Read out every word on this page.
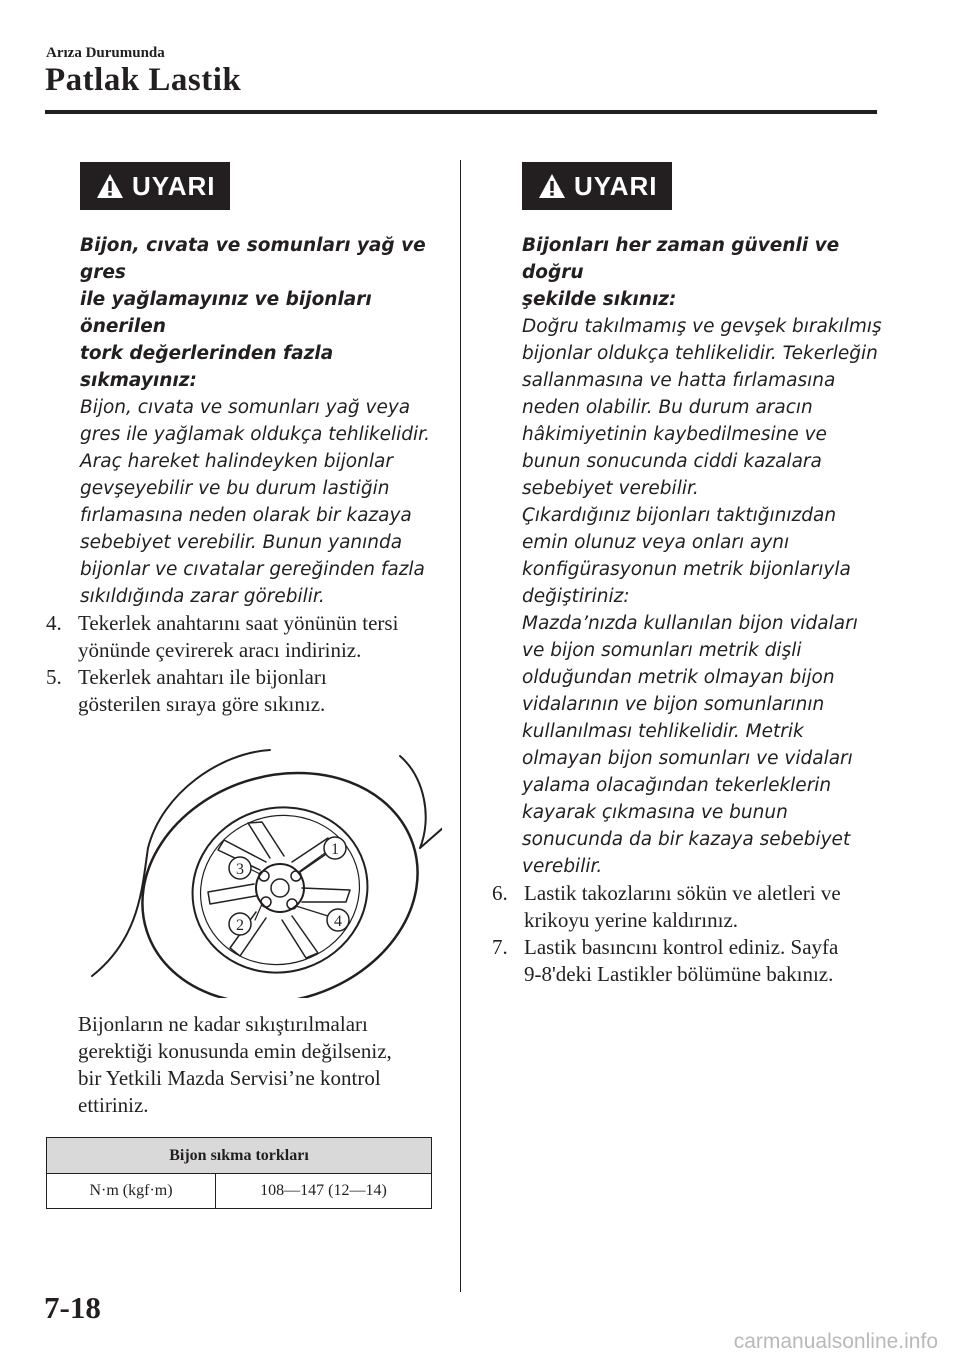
Arıza Durumunda
Patlak Lastik
UYARI

Bijon, cıvata ve somunları yağ ve gres

ile yağlamayınız ve bijonları önerilen

tork değerlerinden fazla sıkmayınız:

Bijon, cıvata ve somunları yağ veya

gres ile yağlamak oldukça tehlikelidir.

Araç hareket halindeyken bijonlar

gevşeyebilir ve bu durum lastiğin

fırlamasına neden olarak bir kazaya

sebebiyet verebilir. Bunun yanında

bijonlar ve cıvatalar gereğinden fazla

sıkıldığında zarar görebilir.

4. Tekerlek anahtarını saat yönünün tersi
yönünde çevirerek aracı indiriniz.
5. Tekerlek anahtarı ile bijonları
gösterilen sıraya göre sıkınız.
1
2
3
4
Bijonların ne kadar sıkıştırılmaları
gerektiği konusunda emin değilseniz,
bir Yetkili Mazda Servisi’ne kontrol
ettiriniz.
Bijon sıkma torkları
N·m (kgf·m)	108―147 (12―14)
UYARI

Bijonları her zaman güvenli ve doğru

şekilde sıkınız:

Doğru takılmamış ve gevşek bırakılmış

bijonlar oldukça tehlikelidir. Tekerleğin

sallanmasına ve hatta fırlamasına

neden olabilir. Bu durum aracın

hâkimiyetinin kaybedilmesine ve

bunun sonucunda ciddi kazalara

sebebiyet verebilir.

Çıkardığınız bijonları taktığınızdan

emin olunuz veya onları aynı

konfigürasyonun metrik bijonlarıyla

değiştiriniz:

Mazda’nızda kullanılan bijon vidaları

ve bijon somunları metrik dişli

olduğundan metrik olmayan bijon

vidalarının ve bijon somunlarının

kullanılması tehlikelidir. Metrik

olmayan bijon somunları ve vidaları

yalama olacağından tekerleklerin

kayarak çıkmasına ve bunun

sonucunda da bir kazaya sebebiyet

verebilir.

6. Lastik takozlarını sökün ve aletleri ve
krikoyu yerine kaldırınız.
7. Lastik basıncını kontrol ediniz. Sayfa
9-8'deki Lastikler bölümüne bakınız.
7-18
carmanualsonline.info
